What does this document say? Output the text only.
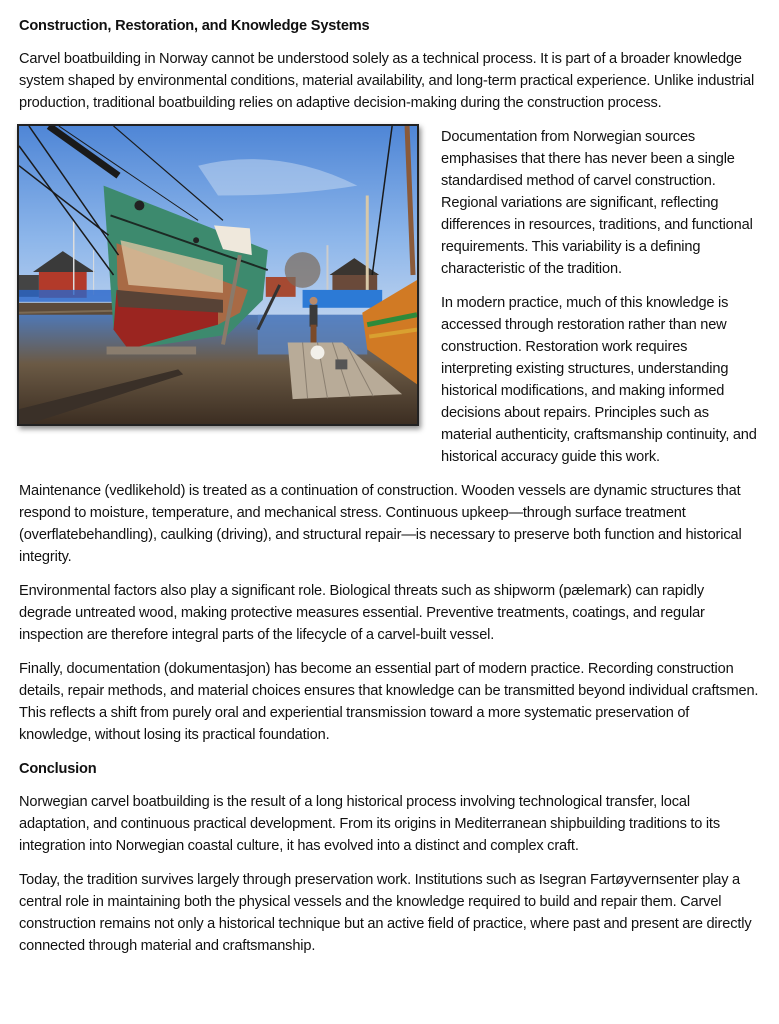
Construction, Restoration, and Knowledge Systems

Carvel boatbuilding in Norway cannot be understood solely as a technical process. It is part of a broader knowledge system shaped by environmental conditions, material availability, and long-term practical experience. Unlike industrial production, traditional boatbuilding relies on adaptive decision-making during the construction process.

Documentation from Norwegian sources emphasises that there has never been a single standardised method of carvel construction. Regional variations are significant, reflecting differences in resources, traditions, and functional requirements. This variability is a defining characteristic of the tradition.

In modern practice, much of this knowledge is accessed through restoration rather than new construction. Restoration work requires interpreting existing structures, understanding historical modifications, and making informed decisions about repairs. Principles such as material authenticity, craftsmanship continuity, and historical accuracy guide this work.

Maintenance (vedlikehold) is treated as a continuation of construction. Wooden vessels are dynamic structures that respond to moisture, temperature, and mechanical stress. Continuous upkeep—through surface treatment (overflatebehandling), caulking (driving), and structural repair—is necessary to preserve both function and historical integrity.

Environmental factors also play a significant role. Biological threats such as shipworm (pælemark) can rapidly degrade untreated wood, making protective measures essential. Preventive treatments, coatings, and regular inspection are therefore integral parts of the lifecycle of a carvel-built vessel.

Finally, documentation (dokumentasjon) has become an essential part of modern practice. Recording construction details, repair methods, and material choices ensures that knowledge can be transmitted beyond individual craftsmen. This reflects a shift from purely oral and experiential transmission toward a more systematic preservation of knowledge, without losing its practical foundation.

Conclusion

Norwegian carvel boatbuilding is the result of a long historical process involving technological transfer, local adaptation, and continuous practical development. From its origins in Mediterranean shipbuilding traditions to its integration into Norwegian coastal culture, it has evolved into a distinct and complex craft.

Today, the tradition survives largely through preservation work. Institutions such as Isegran Fartøyvernsenter play a central role in maintaining both the physical vessels and the knowledge required to build and repair them. Carvel construction remains not only a historical technique but an active field of practice, where past and present are directly connected through material and craftsmanship.
